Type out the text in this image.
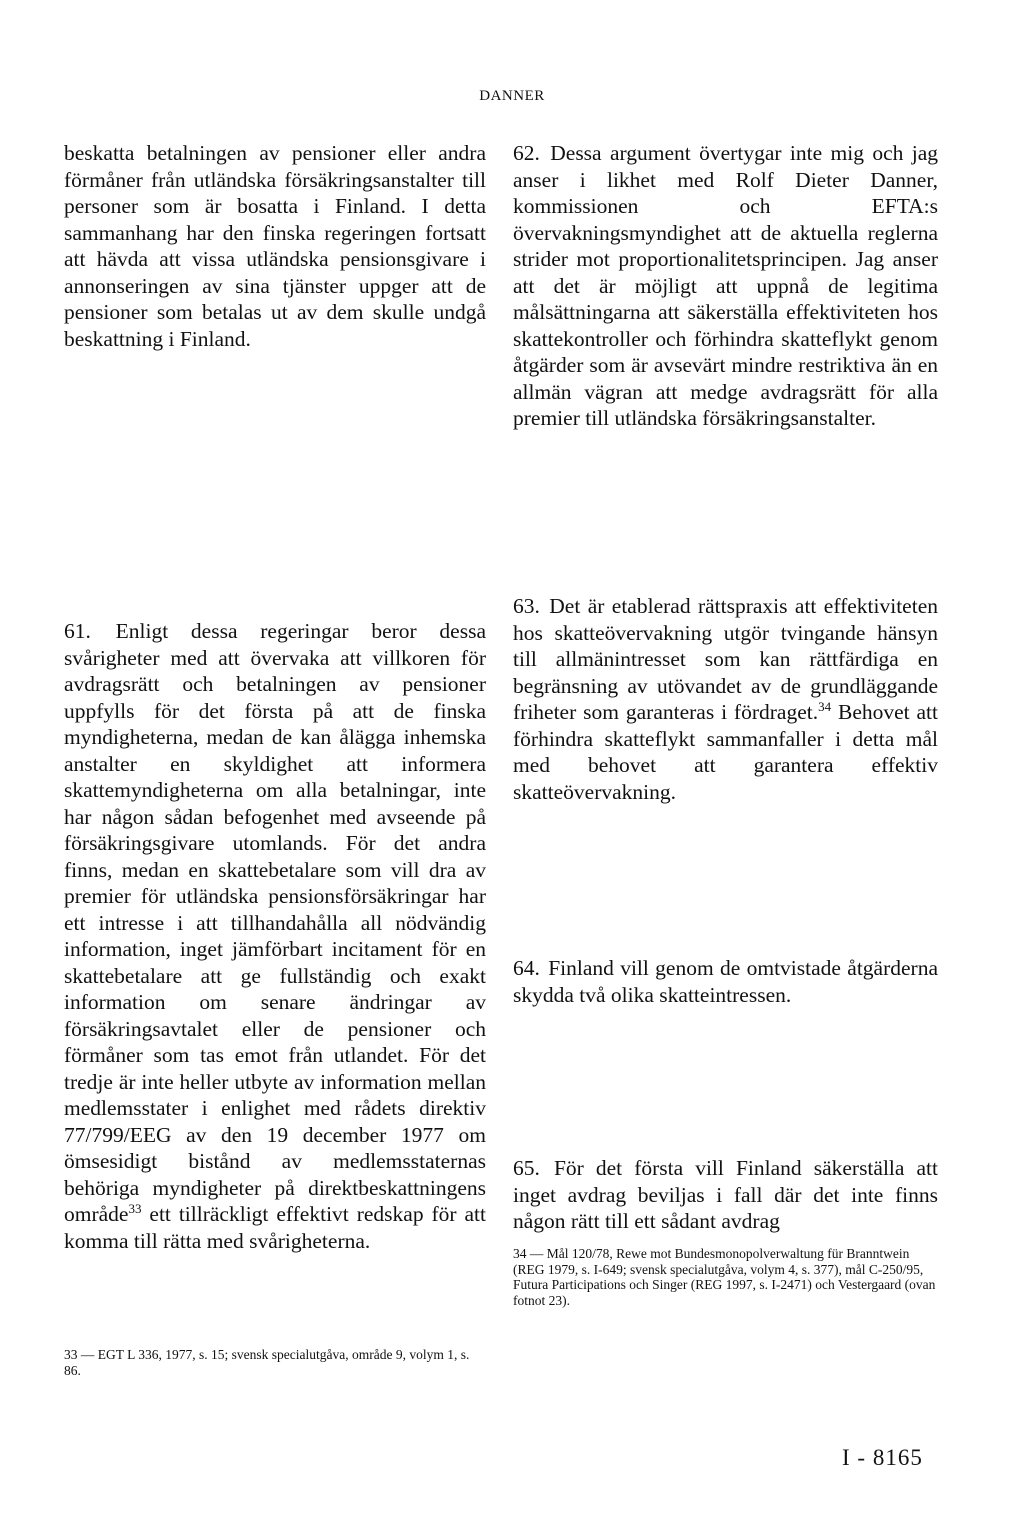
DANNER
beskatta betalningen av pensioner eller andra förmåner från utländska försäkringsanstalter till personer som är bosatta i Finland. I detta sammanhang har den finska regeringen fortsatt att hävda att vissa utländska pensionsgivare i annonseringen av sina tjänster uppger att de pensioner som betalas ut av dem skulle undgå beskattning i Finland.
61. Enligt dessa regeringar beror dessa svårigheter med att övervaka att villkoren för avdragsrätt och betalningen av pensioner uppfylls för det första på att de finska myndigheterna, medan de kan ålägga inhemska anstalter en skyldighet att informera skattemyndigheterna om alla betalningar, inte har någon sådan befogenhet med avseende på försäkringsgivare utomlands. För det andra finns, medan en skattebetalare som vill dra av premier för utländska pensionsförsäkringar har ett intresse i att tillhandahålla all nödvändig information, inget jämförbart incitament för en skattebetalare att ge fullständig och exakt information om senare ändringar av försäkringsavtalet eller de pensioner och förmåner som tas emot från utlandet. För det tredje är inte heller utbyte av information mellan medlemsstater i enlighet med rådets direktiv 77/799/EEG av den 19 december 1977 om ömsesidigt bistånd av medlemsstaternas behöriga myndigheter på direktbeskattningens område$^{33}$ ett tillräckligt effektivt redskap för att komma till rätta med svårigheterna.
33 — EGT L 336, 1977, s. 15; svensk specialutgåva, område 9, volym 1, s. 86.
62. Dessa argument övertygar inte mig och jag anser i likhet med Rolf Dieter Danner, kommissionen och EFTA:s övervakningsmyndighet att de aktuella reglerna strider mot proportionalitetsprincipen. Jag anser att det är möjligt att uppnå de legitima målsättningarna att säkerställa effektiviteten hos skattekontroller och förhindra skatteflykt genom åtgärder som är avsevärt mindre restriktiva än en allmän vägran att medge avdragsrätt för alla premier till utländska försäkringsanstalter.
63. Det är etablerad rättspraxis att effektiviteten hos skatteövervakning utgör tvingande hänsyn till allmänintresset som kan rättfärdiga en begränsning av utövandet av de grundläggande friheter som garanteras i fördraget.$^{34}$ Behovet att förhindra skatteflykt sammanfaller i detta mål med behovet att garantera effektiv skatteövervakning.
64. Finland vill genom de omtvistade åtgärderna skydda två olika skatteintressen.
65. För det första vill Finland säkerställa att inget avdrag beviljas i fall där det inte finns någon rätt till ett sådant avdrag
34 — Mål 120/78, Rewe mot Bundesmonopolverwaltung für Branntwein (REG 1979, s. I-649; svensk specialutgåva, volym 4, s. 377), mål C-250/95, Futura Participations och Singer (REG 1997, s. I-2471) och Vestergaard (ovan fotnot 23).
I - 8165
